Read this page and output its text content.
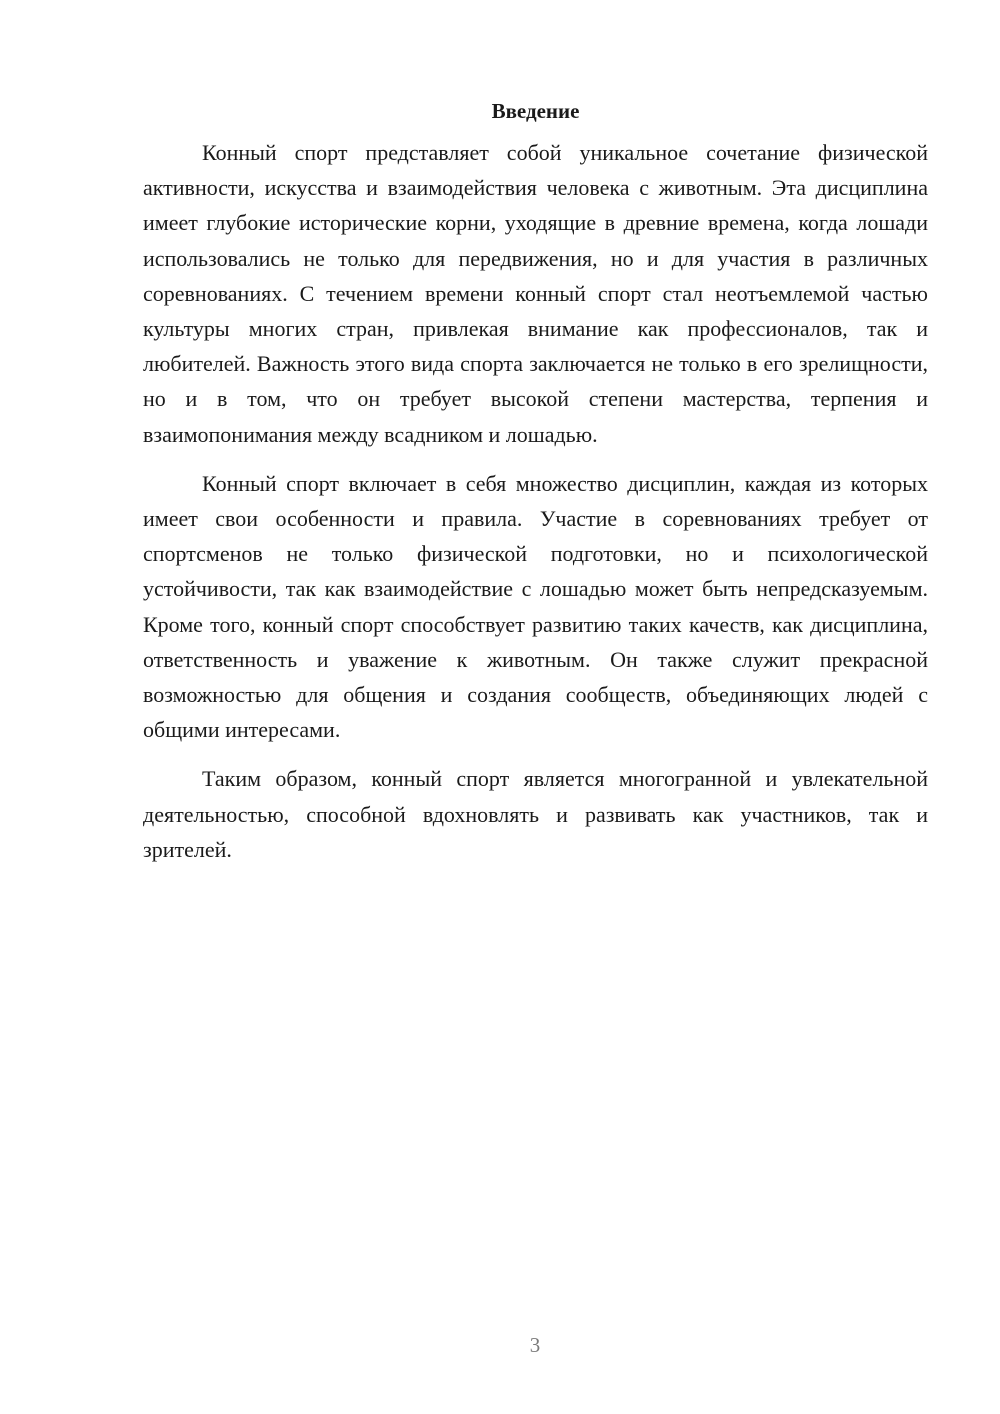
Введение

Конный спорт представляет собой уникальное сочетание физической активности, искусства и взаимодействия человека с животным. Эта дисциплина имеет глубокие исторические корни, уходящие в древние времена, когда лошади использовались не только для передвижения, но и для участия в различных соревнованиях. С течением времени конный спорт стал неотъемлемой частью культуры многих стран, привлекая внимание как профессионалов, так и любителей. Важность этого вида спорта заключается не только в его зрелищности, но и в том, что он требует высокой степени мастерства, терпения и взаимопонимания между всадником и лошадью.

Конный спорт включает в себя множество дисциплин, каждая из которых имеет свои особенности и правила. Участие в соревнованиях требует от спортсменов не только физической подготовки, но и психологической устойчивости, так как взаимодействие с лошадью может быть непредсказуемым. Кроме того, конный спорт способствует развитию таких качеств, как дисциплина, ответственность и уважение к животным. Он также служит прекрасной возможностью для общения и создания сообществ, объединяющих людей с общими интересами.

Таким образом, конный спорт является многогранной и увлекательной деятельностью, способной вдохновлять и развивать как участников, так и зрителей.

3
